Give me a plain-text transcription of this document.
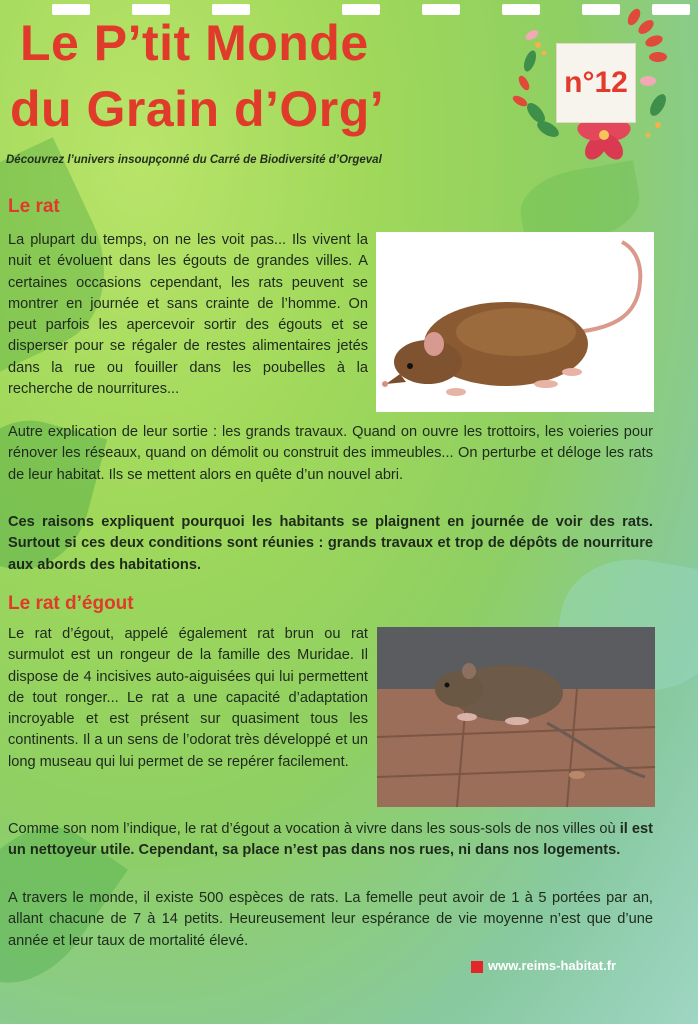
Le P’tit Monde
du Grain d’Org’
Découvrez l’univers insoupçonné du Carré de Biodiversité d’Orgeval
n°12
Le rat

La plupart du temps, on ne les voit pas... Ils vivent la nuit et évoluent dans les égouts de grandes villes. A certaines occasions cependant, les rats peuvent se montrer en journée et sans crainte de l’homme. On peut parfois les apercevoir sortir des égouts et se disperser pour se régaler de restes alimentaires jetés dans la rue ou fouiller dans les poubelles à la recherche de nourritures...

Autre explication de leur sortie : les grands travaux. Quand on ouvre les trottoirs, les voieries pour rénover les réseaux, quand on démolit ou construit des immeubles... On perturbe et déloge les rats de leur habitat. Ils se mettent alors en quête d’un nouvel abri.

Ces raisons expliquent pourquoi les habitants se plaignent en journée de voir des rats. Surtout si ces deux conditions sont réunies : grands travaux et trop de dépôts de nourriture aux abords des habitations.

Le rat d’égout

Le rat d’égout, appelé également rat brun ou rat surmulot est un rongeur de la famille des Muridae. Il dispose de 4 incisives auto-aiguisées qui lui permettent de tout ronger... Le rat a une capacité d’adaptation incroyable et est présent sur quasiment tous les continents. Il a un sens de l’odorat très développé et un long museau qui lui permet de se repérer facilement.

Comme son nom l’indique, le rat d’égout a vocation à vivre dans les sous-sols de nos villes où il est un nettoyeur utile. Cependant, sa place n’est pas dans nos rues, ni dans nos logements.

A travers le monde, il existe 500 espèces de rats. La femelle peut avoir de 1 à 5 portées par an, allant chacune de 7 à 14 petits. Heureusement leur espérance de vie moyenne n’est que d’une année et leur taux de mortalité élevé.

www.reims-habitat.fr
